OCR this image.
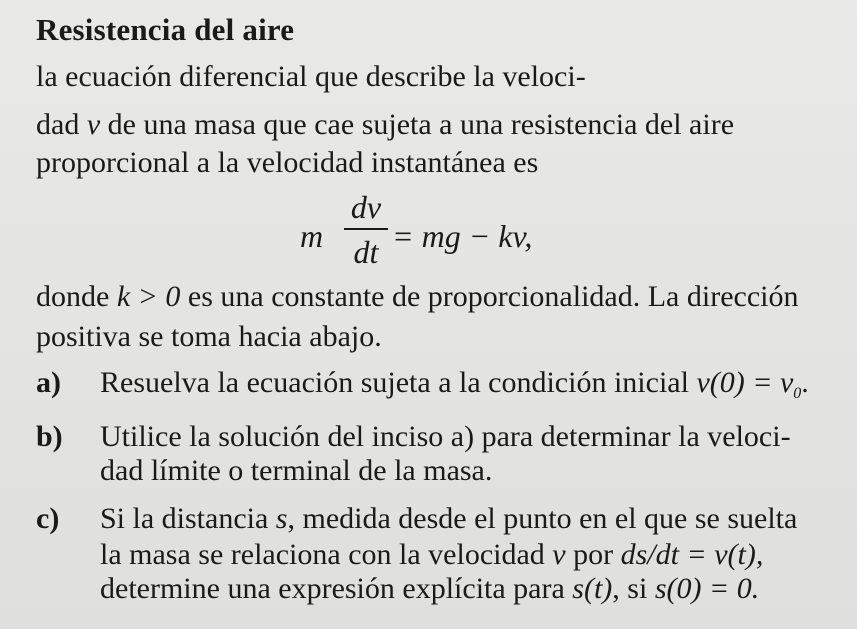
Resistencia del aire
la ecuación diferencial que describe la veloci-
dad v de una masa que cae sujeta a una resistencia del aire
proporcional a la velocidad instantánea es
m
dv
dt = mg − kv,
donde k > 0 es una constante de proporcionalidad. La dirección
positiva se toma hacia abajo.
a) Resuelva la ecuación sujeta a la condición inicial $v(0) = v_0$.
b) Utilice la solución del inciso a) para determinar la veloci-
dad límite o terminal de la masa.
c) Si la distancia s, medida desde el punto en el que se suelta
la masa se relaciona con la velocidad v por ds/dt = v(t),
determine una expresión explícita para s(t), si s(0) = 0.
